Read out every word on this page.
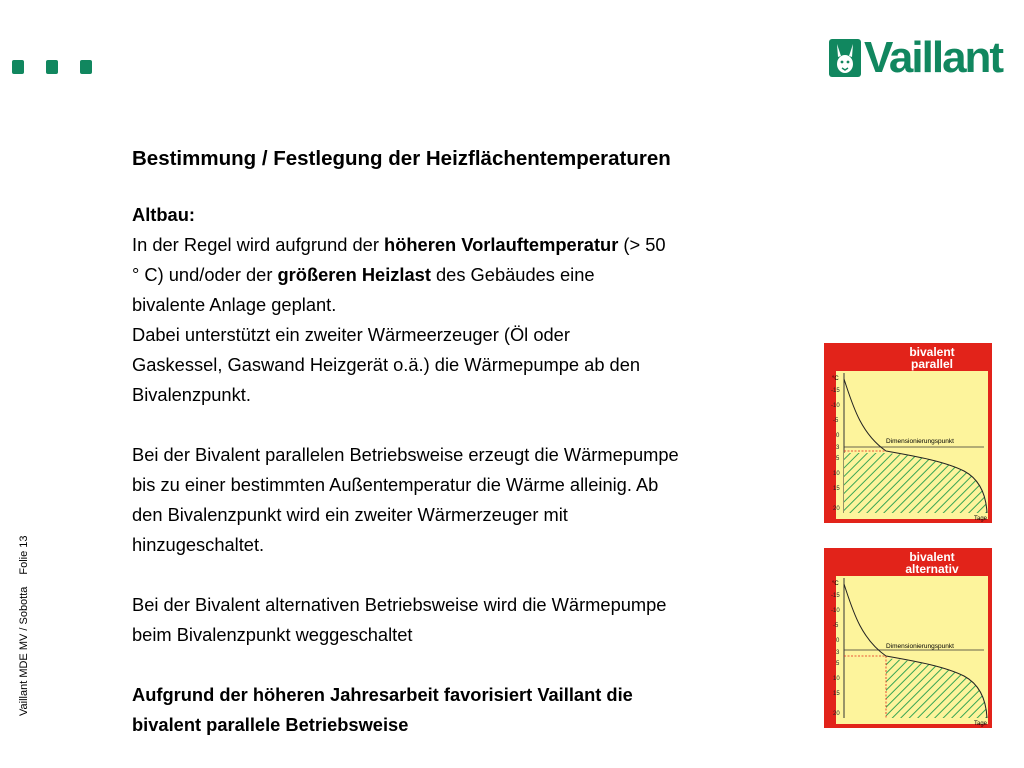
Vaillant
Vaillant MDE MV / SobottaFolie 13
Bestimmung / Festlegung der Heizflächentemperaturen

Altbau:

In der Regel wird aufgrund der höheren Vorlauftemperatur (> 50

° C) und/oder der größeren Heizlast des Gebäudes eine

bivalente Anlage geplant.

Dabei unterstützt ein zweiter Wärmeerzeuger (Öl oder

Gaskessel, Gaswand Heizgerät o.ä.) die Wärmepumpe ab den

Bivalenzpunkt.

Bei der Bivalent parallelen Betriebsweise erzeugt die Wärmepumpe

bis zu einer bestimmten Außentemperatur die Wärme alleinig. Ab

den Bivalenzpunkt wird ein zweiter Wärmerzeuger mit

hinzugeschaltet.

Bei der Bivalent alternativen Betriebsweise wird die Wärmepumpe

beim Bivalenzpunkt weggeschaltet

Aufgrund der höheren Jahresarbeit favorisiert Vaillant die

bivalent parallele Betriebsweise

bivalent
parallel
°C
-15
-10
-5
0
3
5
10
15
20
Dimensionierungspunkt
Tage
bivalent
alternativ
°C
-15
-10
-5
0
3
5
10
15
20
Dimensionierungspunkt
Tage
